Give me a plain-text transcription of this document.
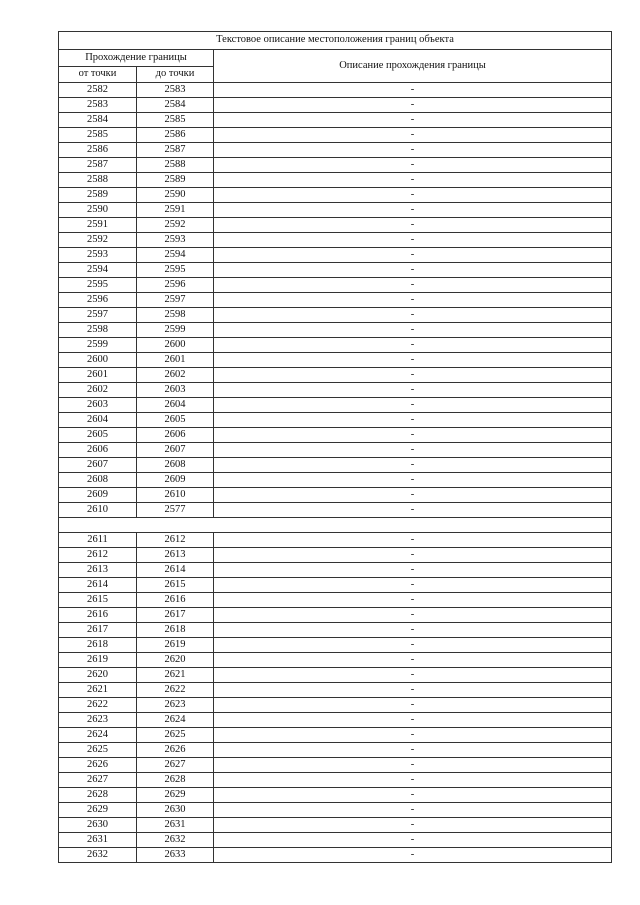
Текстовое описание местоположения границ объекта		
Прохождение границы		Описание прохождения границы
от точки	до точки	
2582	2583	-
2583	2584	-
2584	2585	-
2585	2586	-
2586	2587	-
2587	2588	-
2588	2589	-
2589	2590	-
2590	2591	-
2591	2592	-
2592	2593	-
2593	2594	-
2594	2595	-
2595	2596	-
2596	2597	-
2597	2598	-
2598	2599	-
2599	2600	-
2600	2601	-
2601	2602	-
2602	2603	-
2603	2604	-
2604	2605	-
2605	2606	-
2606	2607	-
2607	2608	-
2608	2609	-
2609	2610	-
2610	2577	-

2611	2612	-
2612	2613	-
2613	2614	-
2614	2615	-
2615	2616	-
2616	2617	-
2617	2618	-
2618	2619	-
2619	2620	-
2620	2621	-
2621	2622	-
2622	2623	-
2623	2624	-
2624	2625	-
2625	2626	-
2626	2627	-
2627	2628	-
2628	2629	-
2629	2630	-
2630	2631	-
2631	2632	-
2632	2633	-
